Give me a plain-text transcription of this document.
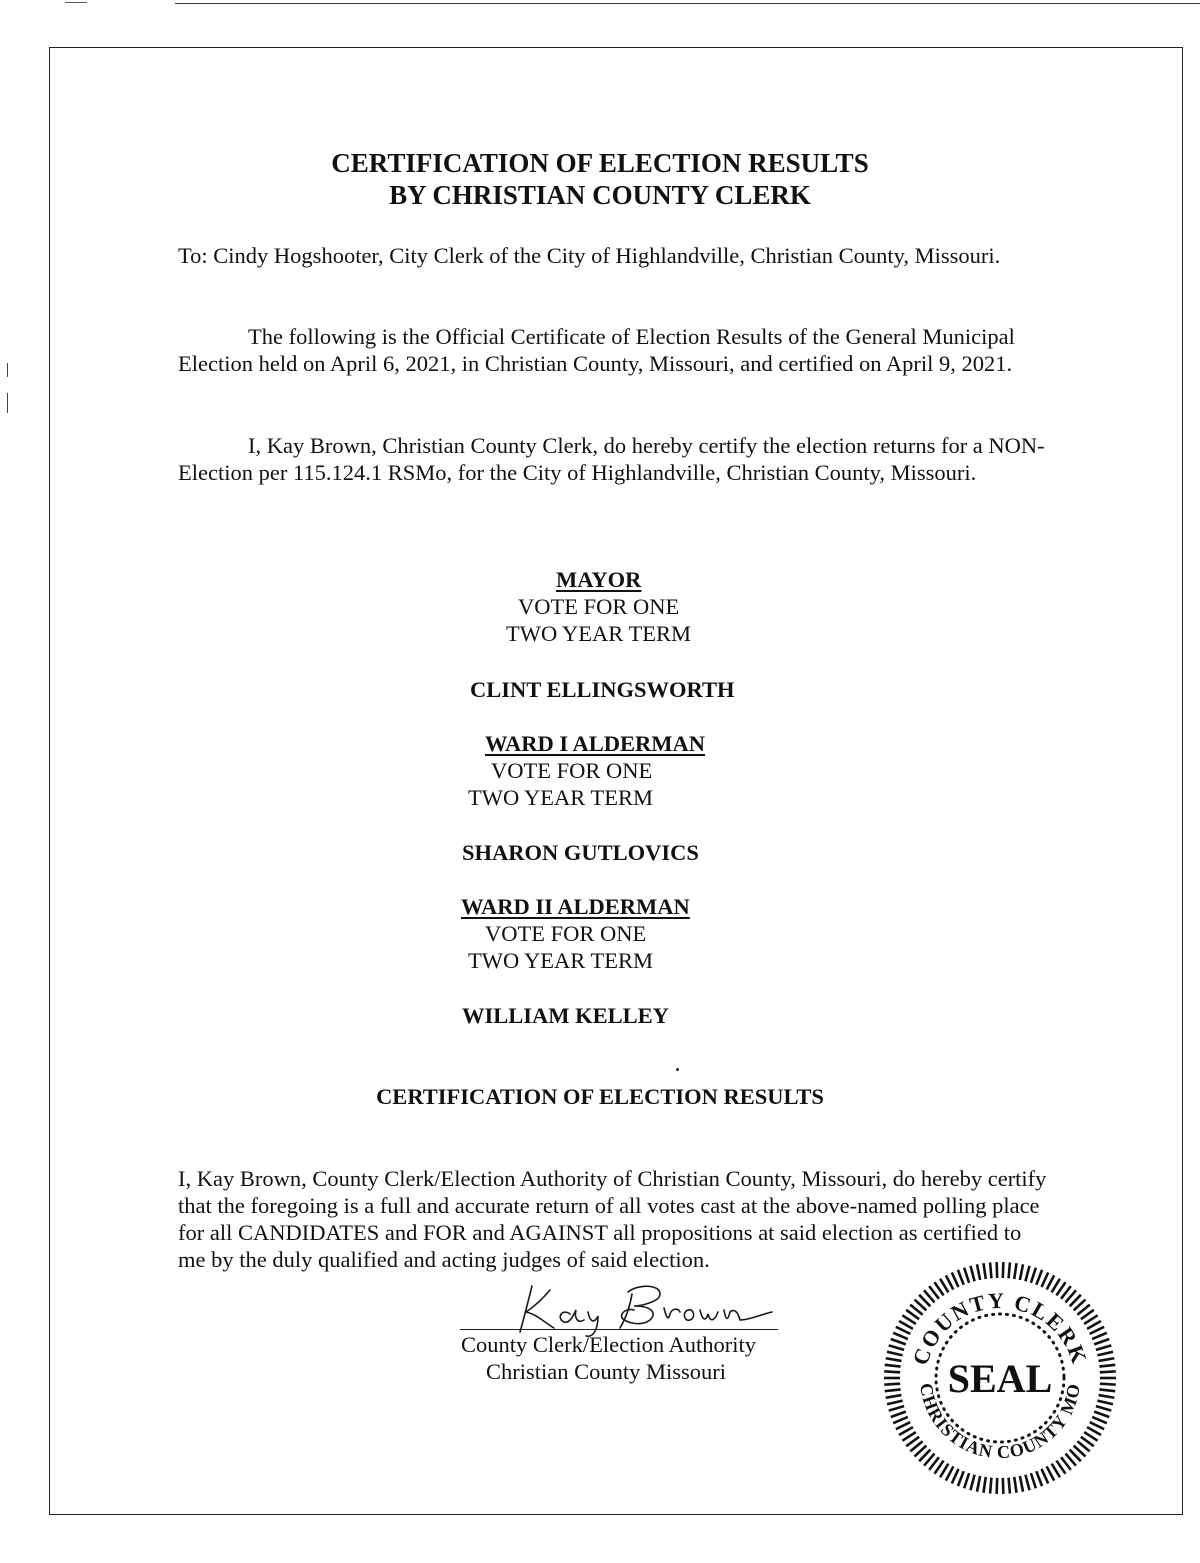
CERTIFICATION OF ELECTION RESULTS
BY CHRISTIAN COUNTY CLERK

To: Cindy Hogshooter, City Clerk of the City of Highlandville, Christian County, Missouri.

The following is the Official Certificate of Election Results of the General Municipal Election held on April 6, 2021, in Christian County, Missouri, and certified on April 9, 2021.

I, Kay Brown, Christian County Clerk, do hereby certify the election returns for a NON-Election per 115.124.1 RSMo, for the City of Highlandville, Christian County, Missouri.

MAYOR
VOTE FOR ONE
TWO YEAR TERM
CLINT ELLINGSWORTH
WARD I ALDERMAN
VOTE FOR ONE
TWO YEAR TERM
SHARON GUTLOVICS
WARD II ALDERMAN
VOTE FOR ONE
TWO YEAR TERM
WILLIAM KELLEY
CERTIFICATION OF ELECTION RESULTS

I, Kay Brown, County Clerk/Election Authority of Christian County, Missouri, do hereby certify that the foregoing is a full and accurate return of all votes cast at the above-named polling place for all CANDIDATES and FOR and AGAINST all propositions at said election as certified to me by the duly qualified and acting judges of said election.

County Clerk/Election Authority
Christian County Missouri
COUNTY CLERK
CHRISTIAN COUNTY MO
SEAL
